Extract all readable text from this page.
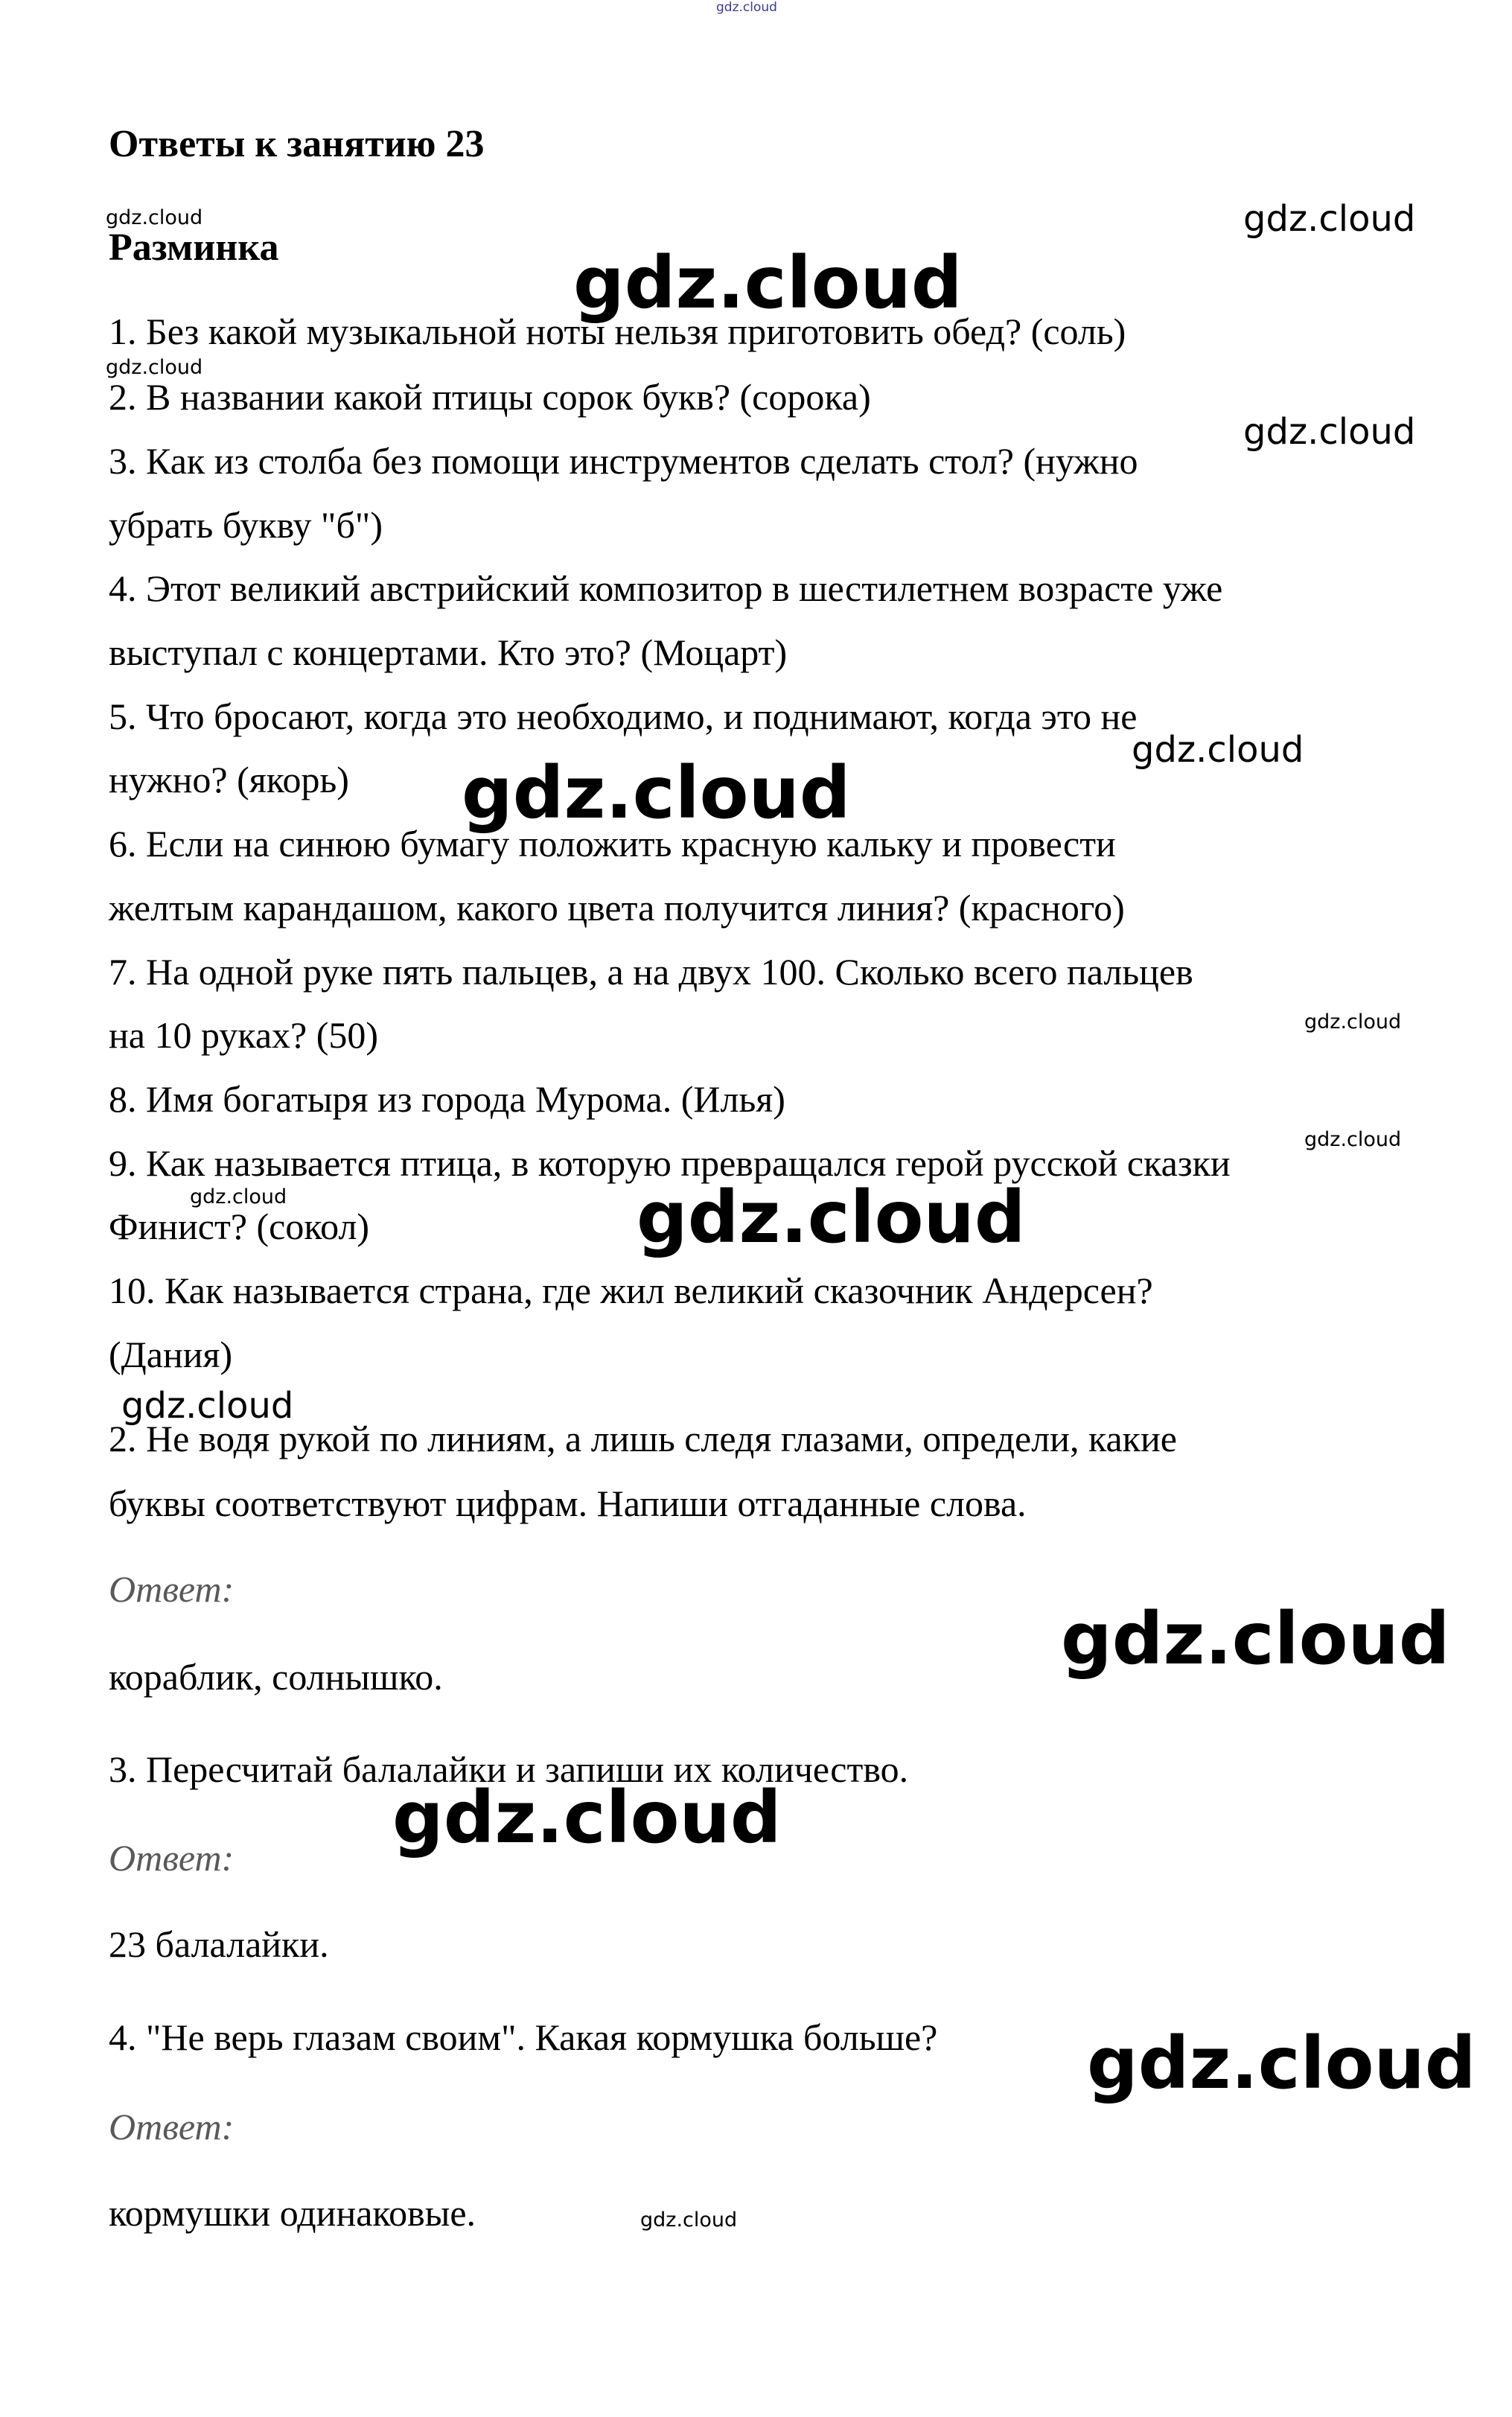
Ответы к занятию 23
Разминка
1. Без какой музыкальной ноты нельзя приготовить обед? (соль)
2. В названии какой птицы сорок букв? (сорока)
3. Как из столба без помощи инструментов сделать стол? (нужно
убрать букву "б")
4. Этот великий австрийский композитор в шестилетнем возрасте уже
выступал с концертами. Кто это? (Моцарт)
5. Что бросают, когда это необходимо, и поднимают, когда это не
нужно? (якорь)
6. Если на синюю бумагу положить красную кальку и провести
желтым карандашом, какого цвета получится линия? (красного)
7. На одной руке пять пальцев, а на двух 100. Сколько всего пальцев
на 10 руках? (50)
8. Имя богатыря из города Мурома. (Илья)
9. Как называется птица, в которую превращался герой русской сказки
Финист? (сокол)
10. Как называется страна, где жил великий сказочник Андерсен?
(Дания)
2. Не водя рукой по линиям, а лишь следя глазами, определи, какие
буквы соответствуют цифрам. Напиши отгаданные слова.
Ответ:
кораблик, солнышко.
3. Пересчитай балалайки и запиши их количество.
Ответ:
23 балалайки.
4. "Не верь глазам своим". Какая кормушка больше?
Ответ:
кормушки одинаковые.
gdz.cloud
gdz.cloud	gdz.cloud
gdz.cloud
gdz.cloud
gdz.cloud
gdz.cloud
gdz.cloud
gdz.cloud
gdz.cloud
gdz.cloud	gdz.cloud
gdz.cloud
gdz.cloud
gdz.cloud
gdz.cloud
gdz.cloud
